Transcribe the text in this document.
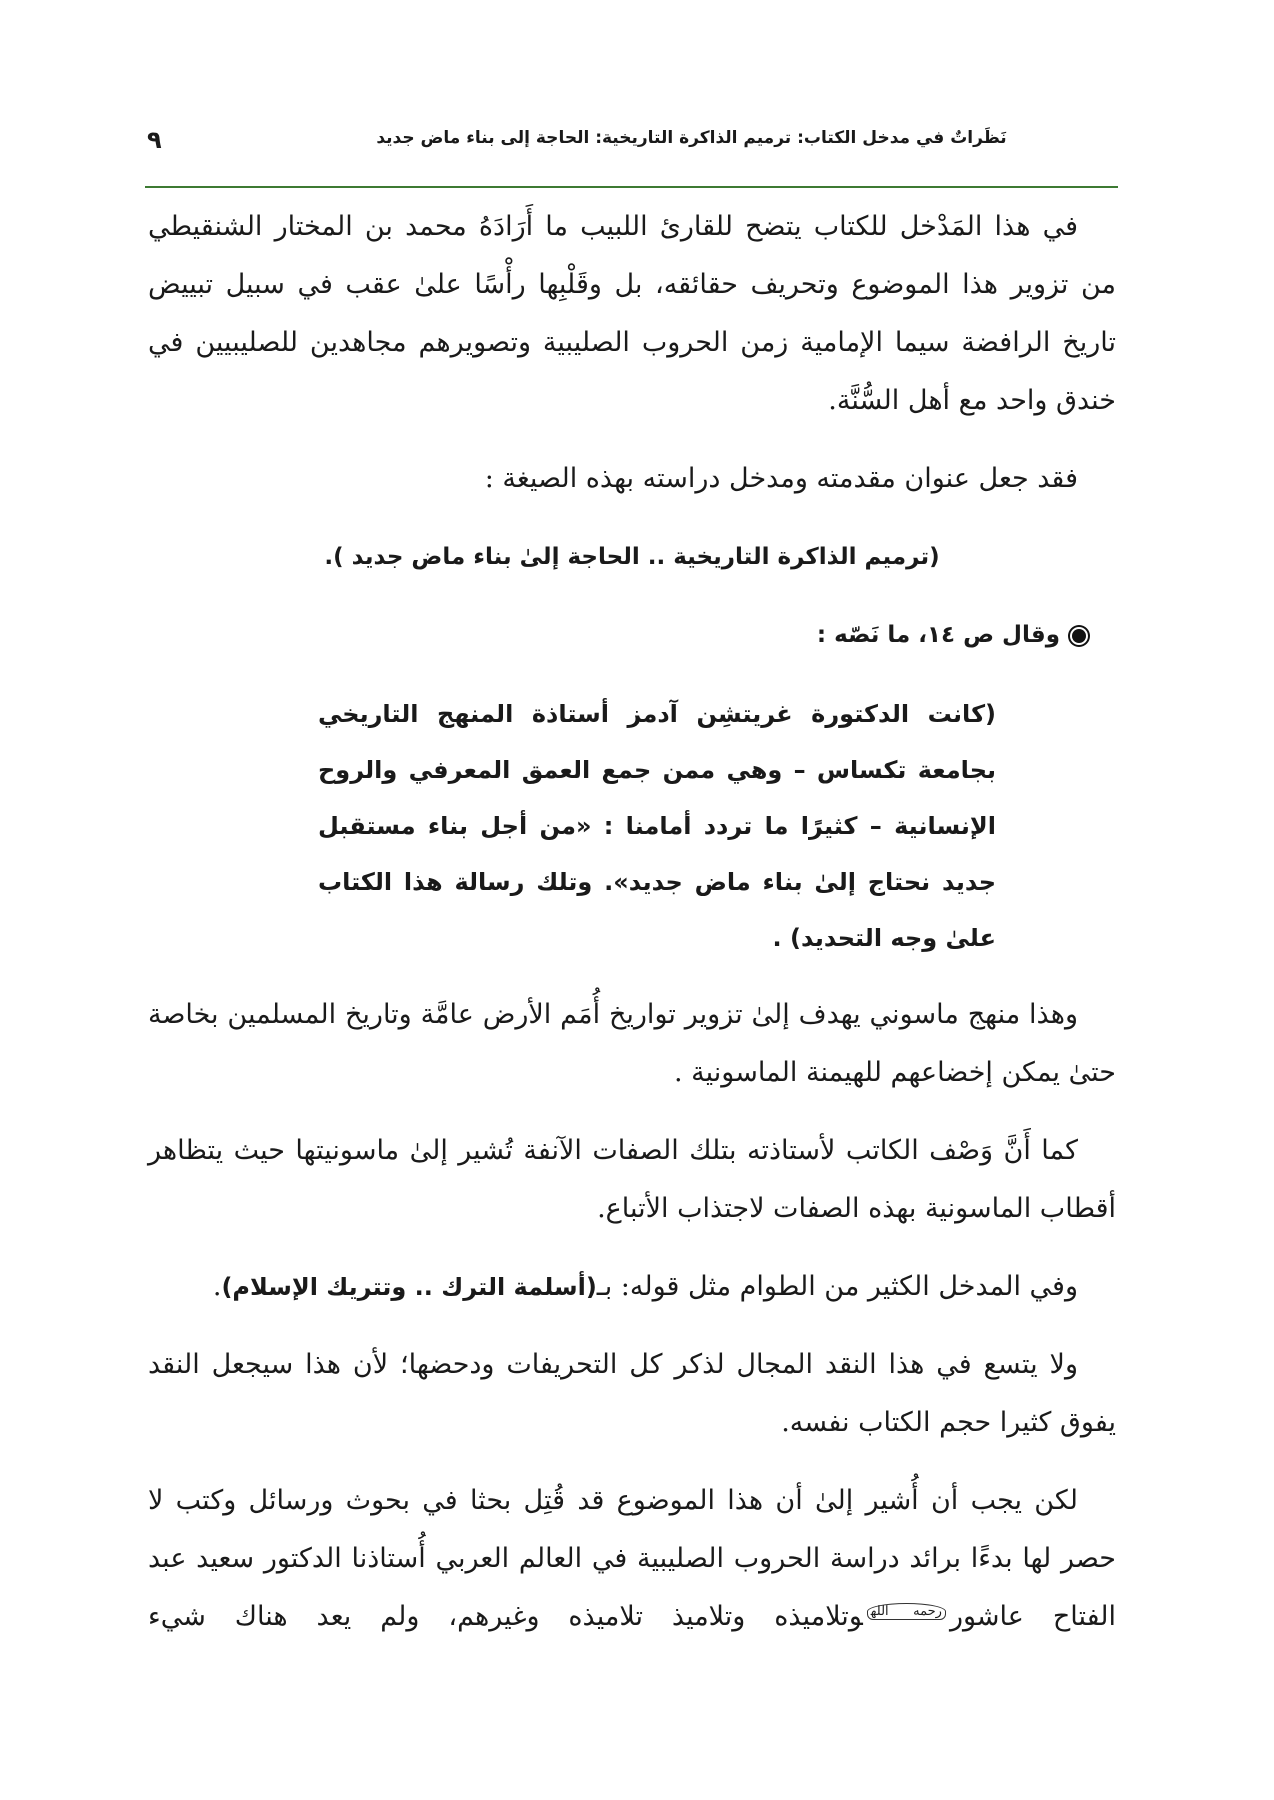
٩	نَظَراتٌ في مدخل الكتاب: ترميم الذاكرة التاريخية: الحاجة إلى بناء ماض جديد

في هذا المَدْخل للكتاب يتضح للقارئ اللبيب ما أَرَادَهُ محمد بن المختار الشنقيطي من تزوير هذا الموضوع وتحريف حقائقه، بل وقَلْبِها رأْسًا علىٰ عقب في سبيل تبييض تاريخ الرافضة سيما الإمامية زمن الحروب الصليبية وتصويرهم مجاهدين للصليبيين في خندق واحد مع أهل السُّنَّة.

فقد جعل عنوان مقدمته ومدخل دراسته بهذه الصيغة :

(ترميم الذاكرة التاريخية .. الحاجة إلىٰ بناء ماض جديد ).

وقال ص ١٤، ما نَصّه :

(كانت الدكتورة غريتشِن آدمز أستاذة المنهج التاريخي بجامعة تكساس – وهي ممن جمع العمق المعرفي والروح الإنسانية – كثيرًا ما تردد أمامنا : «من أجل بناء مستقبل جديد نحتاج إلىٰ بناء ماض جديد». وتلك رسالة هذا الكتاب علىٰ وجه التحديد) .

وهذا منهج ماسوني يهدف إلىٰ تزوير تواريخ أُمَم الأرض عامَّة وتاريخ المسلمين بخاصة حتىٰ يمكن إخضاعهم للهيمنة الماسونية .

كما أَنَّ وَصْف الكاتب لأستاذته بتلك الصفات الآنفة تُشير إلىٰ ماسونيتها حيث يتظاهر أقطاب الماسونية بهذه الصفات لاجتذاب الأتباع.

وفي المدخل الكثير من الطوام مثل قوله: بـ(أسلمة الترك .. وتتريك الإسلام).

ولا يتسع في هذا النقد المجال لذكر كل التحريفات ودحضها؛ لأن هذا سيجعل النقد يفوق كثيرا حجم الكتاب نفسه.

لكن يجب أن أُشير إلىٰ أن هذا الموضوع قد قُتِل بحثا في بحوث ورسائل وكتب لا حصر لها بدءًا برائد دراسة الحروب الصليبية في العالم العربي أُستاذنا الدكتور سعيد عبد الفتاح عاشور$^{رحمه الله}$وتلاميذه وتلاميذ تلاميذه وغيرهم، ولم يعد هناك شيء
